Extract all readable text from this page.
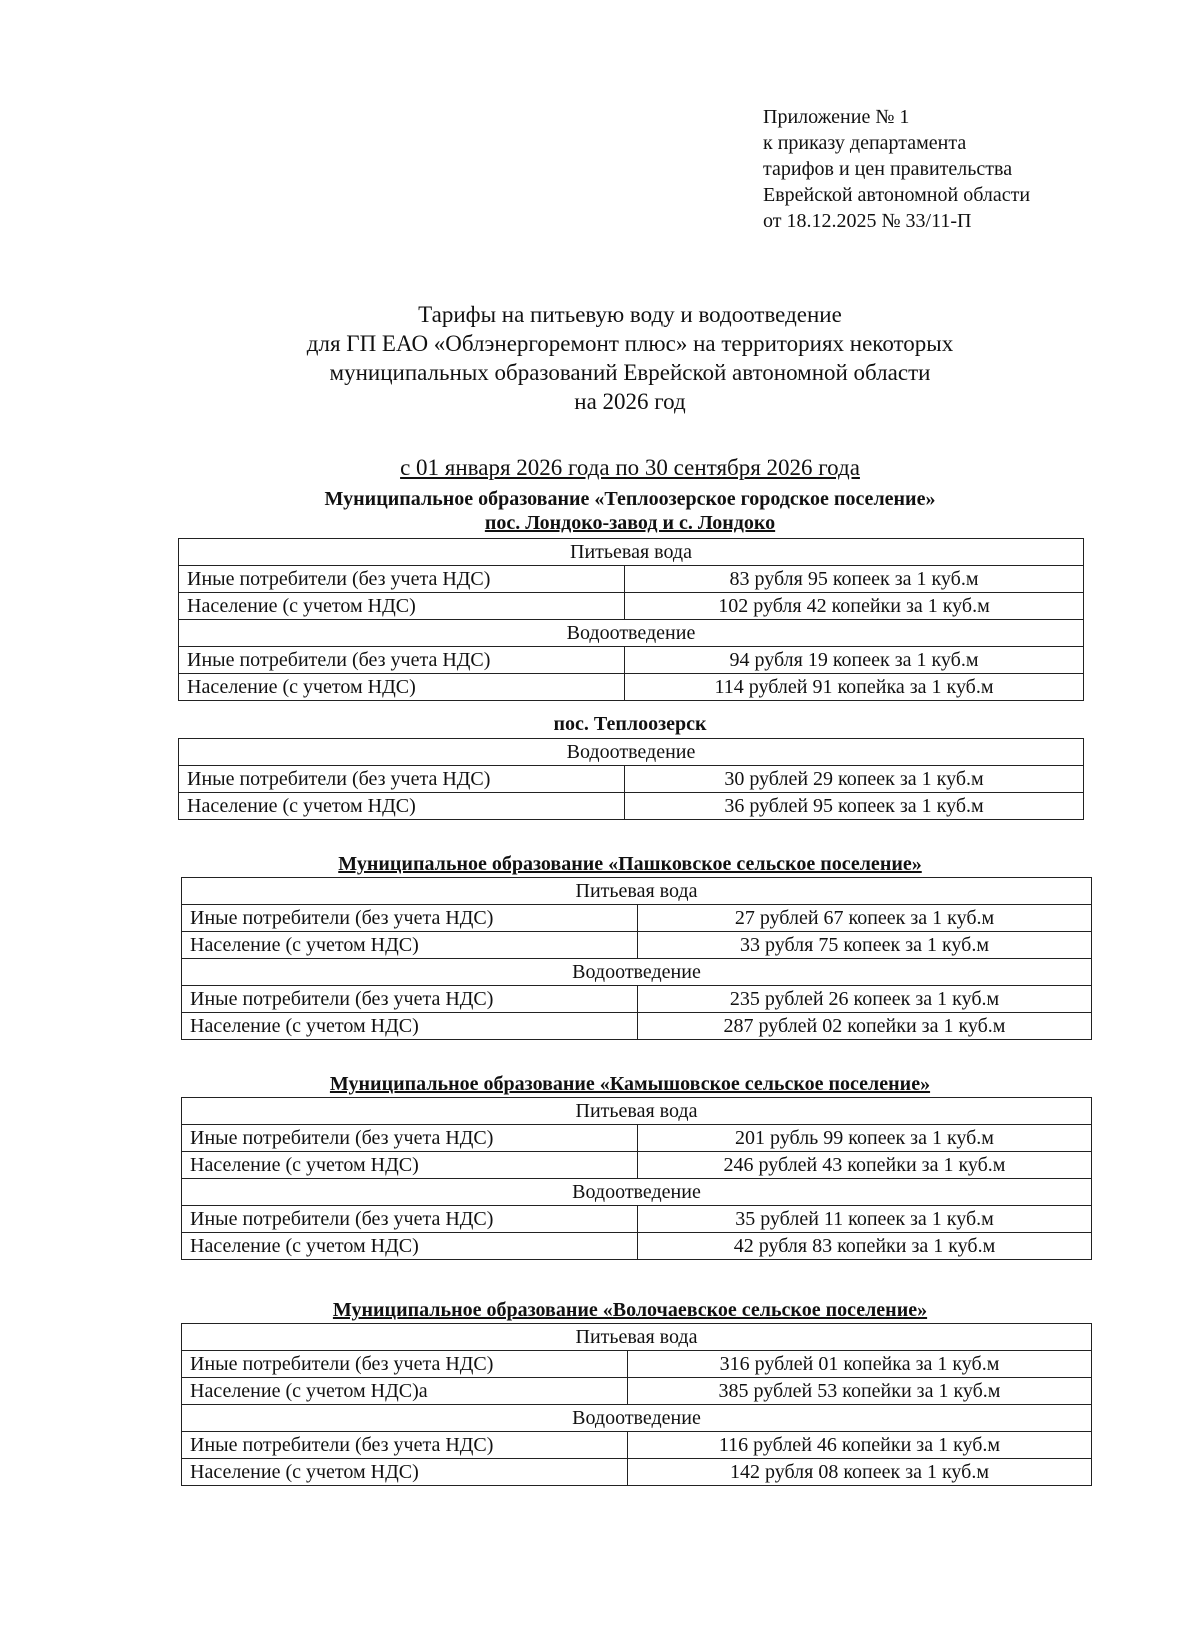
Приложение № 1
к приказу департамента
тарифов и цен правительства
Еврейской автономной области
от 18.12.2025 № 33/11-П
Тарифы на питьевую воду и водоотведение
для ГП ЕАО «Облэнергоремонт плюс» на территориях некоторых
муниципальных образований Еврейской автономной области
на 2026 год
с 01 января 2026 года по 30 сентября 2026 года
Муниципальное образование «Теплоозерское городское поселение»
пос. Лондоко-завод и с. Лондоко
Питьевая вода	
Иные потребители (без учета НДС)	83 рубля 95 копеек за 1 куб.м
Население (с учетом НДС)	102 рубля 42 копейки за 1 куб.м
Водоотведение	
Иные потребители (без учета НДС)	94 рубля 19 копеек за 1 куб.м
Население (с учетом НДС)	114 рублей 91 копейка за 1 куб.м
пос. Теплоозерск
Водоотведение	
Иные потребители (без учета НДС)	30 рублей 29 копеек за 1 куб.м
Население (с учетом НДС)	36 рублей 95 копеек за 1 куб.м
Муниципальное образование «Пашковское сельское поселение»
Питьевая вода	
Иные потребители (без учета НДС)	27 рублей 67 копеек за 1 куб.м
Население (с учетом НДС)	33 рубля 75 копеек за 1 куб.м
Водоотведение	
Иные потребители (без учета НДС)	235 рублей 26 копеек за 1 куб.м
Население (с учетом НДС)	287 рублей 02 копейки за 1 куб.м
Муниципальное образование «Камышовское сельское поселение»
Питьевая вода	
Иные потребители (без учета НДС)	201 рубль 99 копеек за 1 куб.м
Население (с учетом НДС)	246 рублей 43 копейки за 1 куб.м
Водоотведение	
Иные потребители (без учета НДС)	35 рублей 11 копеек за 1 куб.м
Население (с учетом НДС)	42 рубля 83 копейки за 1 куб.м
Муниципальное образование «Волочаевское сельское поселение»
Питьевая вода	
Иные потребители (без учета НДС)	316 рублей 01 копейка за 1 куб.м
Население (с учетом НДС)а	385 рублей 53 копейки за 1 куб.м
Водоотведение	
Иные потребители (без учета НДС)	116 рублей 46 копейки за 1 куб.м
Население (с учетом НДС)	142 рубля 08 копеек за 1 куб.м
